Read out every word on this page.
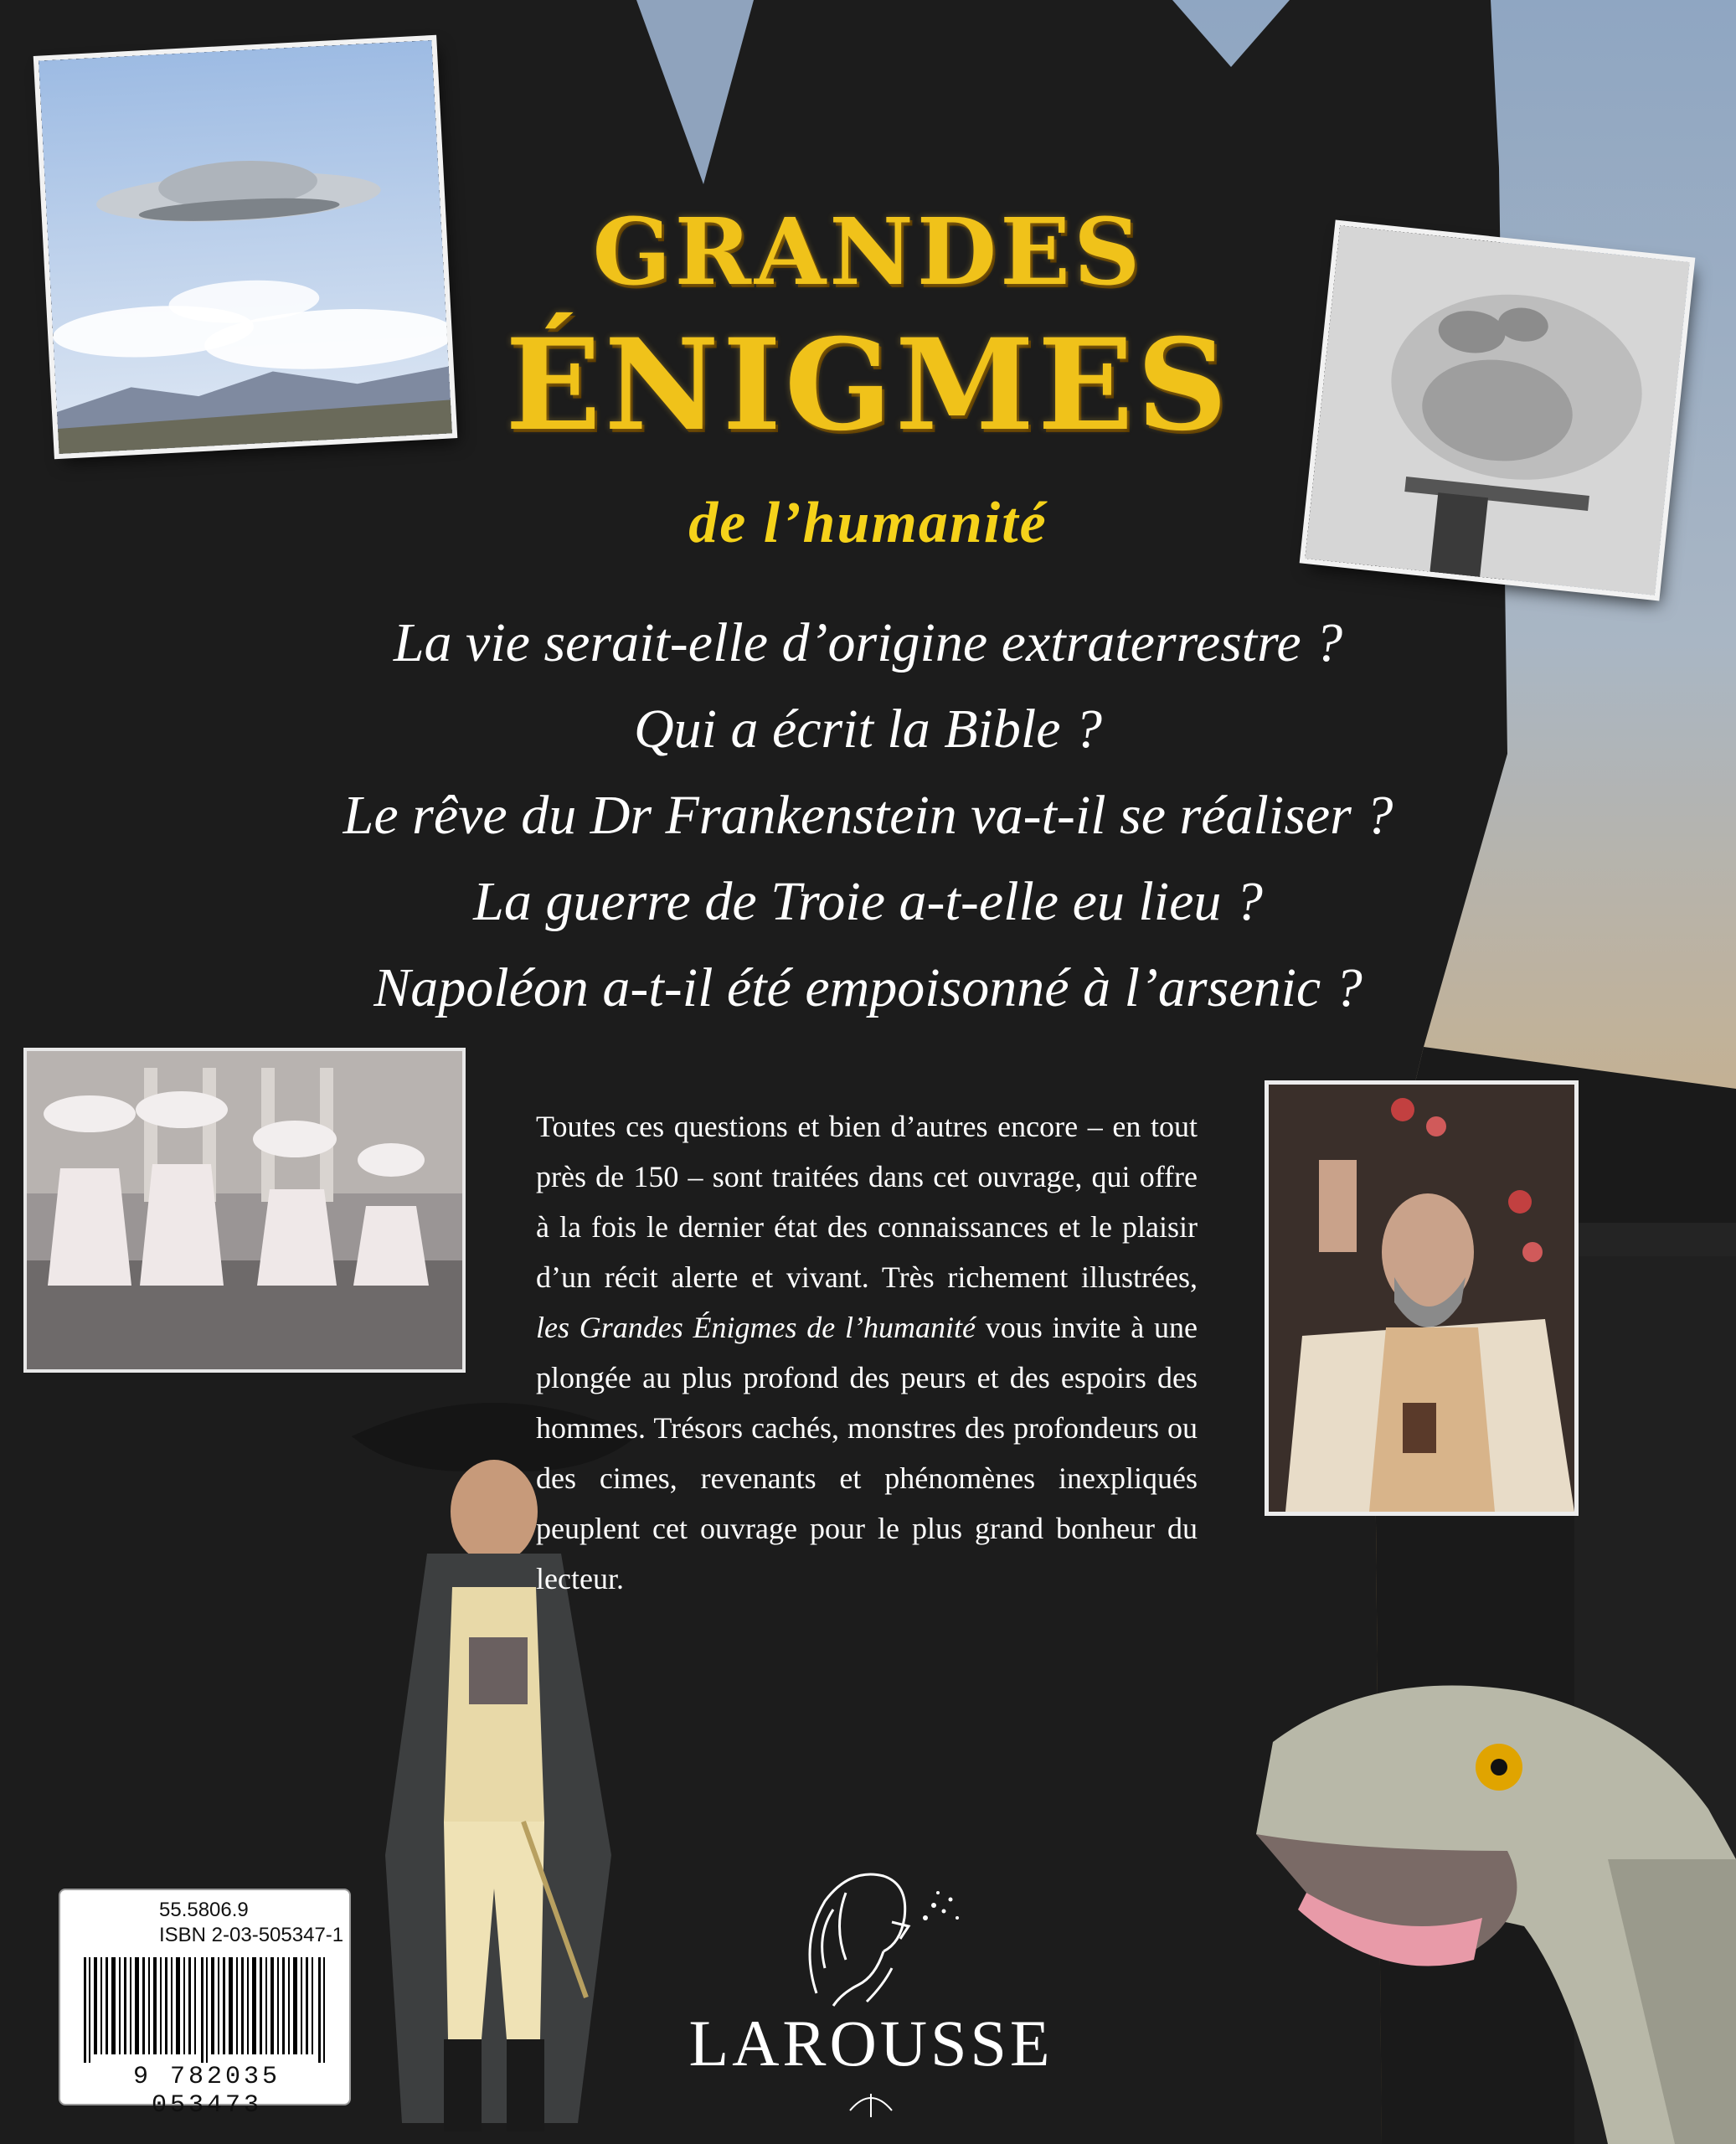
GRANDES
ÉNIGMES
de l’humanité
La vie serait-elle d’origine extraterrestre ?
Qui a écrit la Bible ?
Le rêve du Dr Frankenstein va-t-il se réaliser ?
La guerre de Troie a-t-elle eu lieu ?
Napoléon a-t-il été empoisonné à l’arsenic ?
Toutes ces questions et bien d’autres encore – en tout près de 150 – sont traitées dans cet ouvrage, qui offre à la fois le dernier état des connaissances et le plaisir d’un récit alerte et vivant. Très richement illustrées, les Grandes Énigmes de l’humanité vous invite à une plongée au plus profond des peurs et des espoirs des hommes. Trésors cachés, monstres des profondeurs ou des cimes, revenants et phénomènes inexpliqués peuplent cet ouvrage pour le plus grand bonheur du lecteur.
55.5806.9
ISBN 2-03-505347-1
9 782035 053473
LAROUSSE
